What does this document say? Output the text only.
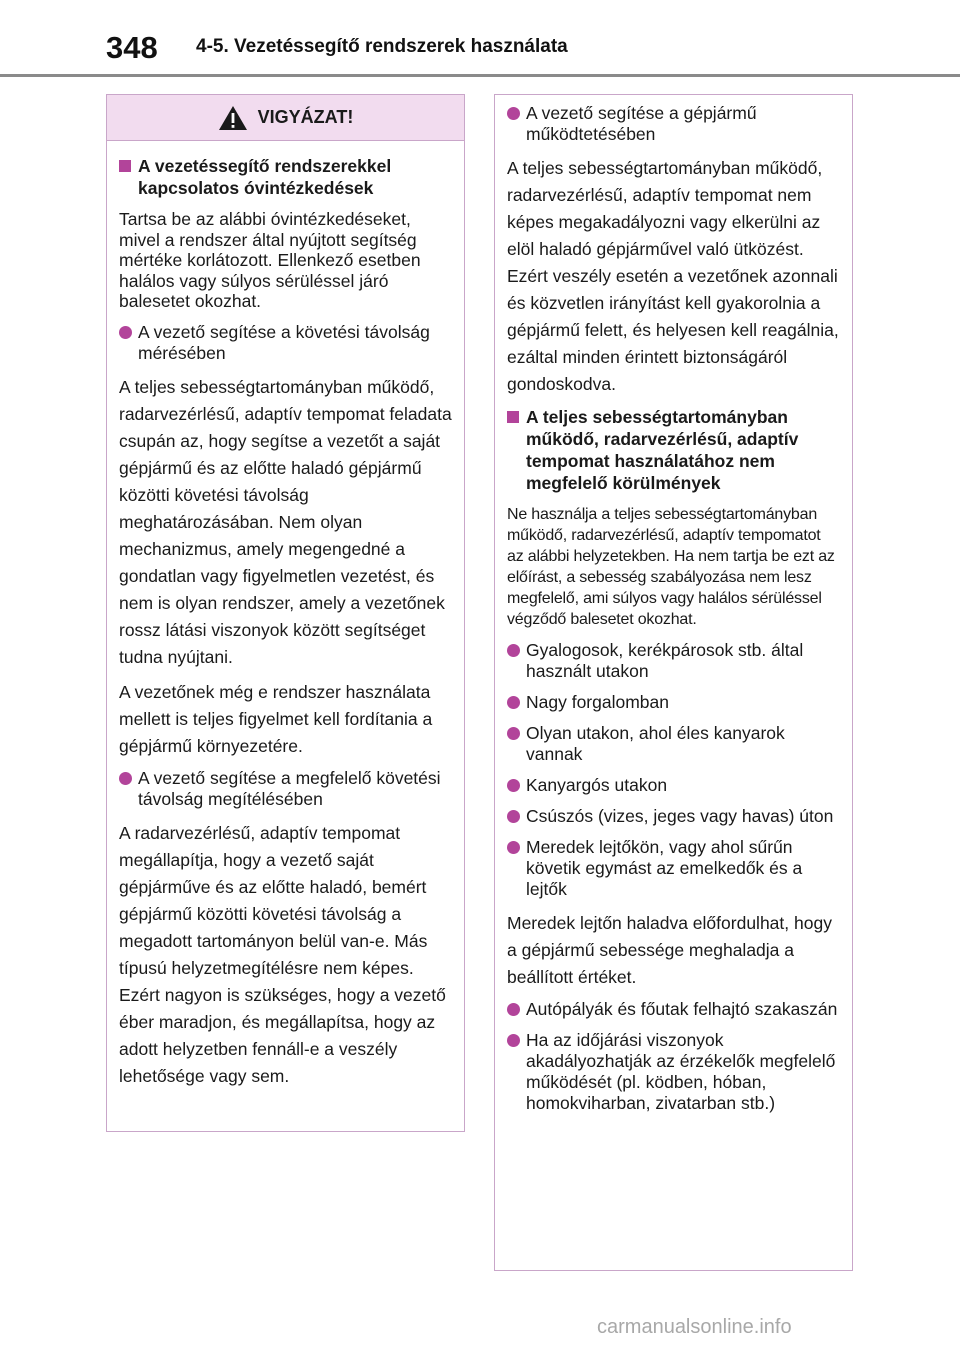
348 4-5. Vezetéssegítő rendszerek használata
VIGYÁZAT!
A vezetéssegítő rendszerekkel kapcsolatos óvintézkedések

Tartsa be az alábbi óvintézkedéseket, mivel a rendszer által nyújtott segítség mértéke korlátozott. Ellenkező esetben halálos vagy súlyos sérüléssel járó balesetet okozhat.

A vezető segítése a követési távolság mérésében

A teljes sebességtartományban működő, radarvezérlésű, adaptív tempomat feladata csupán az, hogy segítse a vezetőt a saját gépjármű és az előtte haladó gépjármű közötti követési távolság meghatározásában. Nem olyan mechanizmus, amely megengedné a gondatlan vagy figyelmetlen vezetést, és nem is olyan rendszer, amely a vezetőnek rossz látási viszonyok között segítséget tudna nyújtani.

A vezetőnek még e rendszer használata mellett is teljes figyelmet kell fordítania a gépjármű környezetére.

A vezető segítése a megfelelő követési távolság megítélésében

A radarvezérlésű, adaptív tempomat megállapítja, hogy a vezető saját gépjárműve és az előtte haladó, bemért gépjármű közötti követési távolság a megadott tartományon belül van-e. Más típusú helyzetmegítélésre nem képes. Ezért nagyon is szükséges, hogy a vezető éber maradjon, és megállapítsa, hogy az adott helyzetben fennáll-e a veszély lehetősége vagy sem.

A vezető segítése a gépjármű működtetésében

A teljes sebességtartományban működő, radarvezérlésű, adaptív tempomat nem képes megakadályozni vagy elkerülni az elöl haladó gépjárművel való ütközést. Ezért veszély esetén a vezetőnek azonnali és közvetlen irányítást kell gyakorolnia a gépjármű felett, és helyesen kell reagálnia, ezáltal minden érintett biztonságáról gondoskodva.

A teljes sebességtartományban működő, radarvezérlésű, adaptív tempomat használatához nem megfelelő körülmények

Ne használja a teljes sebességtartományban működő, radarvezérlésű, adaptív tempomatot az alábbi helyzetekben. Ha nem tartja be ezt az előírást, a sebesség szabályozása nem lesz megfelelő, ami súlyos vagy halálos sérüléssel végződő balesetet okozhat.

Gyalogosok, kerékpárosok stb. által használt utakon
Nagy forgalomban
Olyan utakon, ahol éles kanyarok vannak
Kanyargós utakon
Csúszós (vizes, jeges vagy havas) úton
Meredek lejtőkön, vagy ahol sűrűn követik egymást az emelkedők és a lejtők

Meredek lejtőn haladva előfordulhat, hogy a gépjármű sebessége meghaladja a beállított értéket.

Autópályák és főutak felhajtó szakaszán
Ha az időjárási viszonyok akadályozhatják az érzékelők megfelelő működését (pl. ködben, hóban, homokviharban, zivatarban stb.)
carmanualsonline.info
